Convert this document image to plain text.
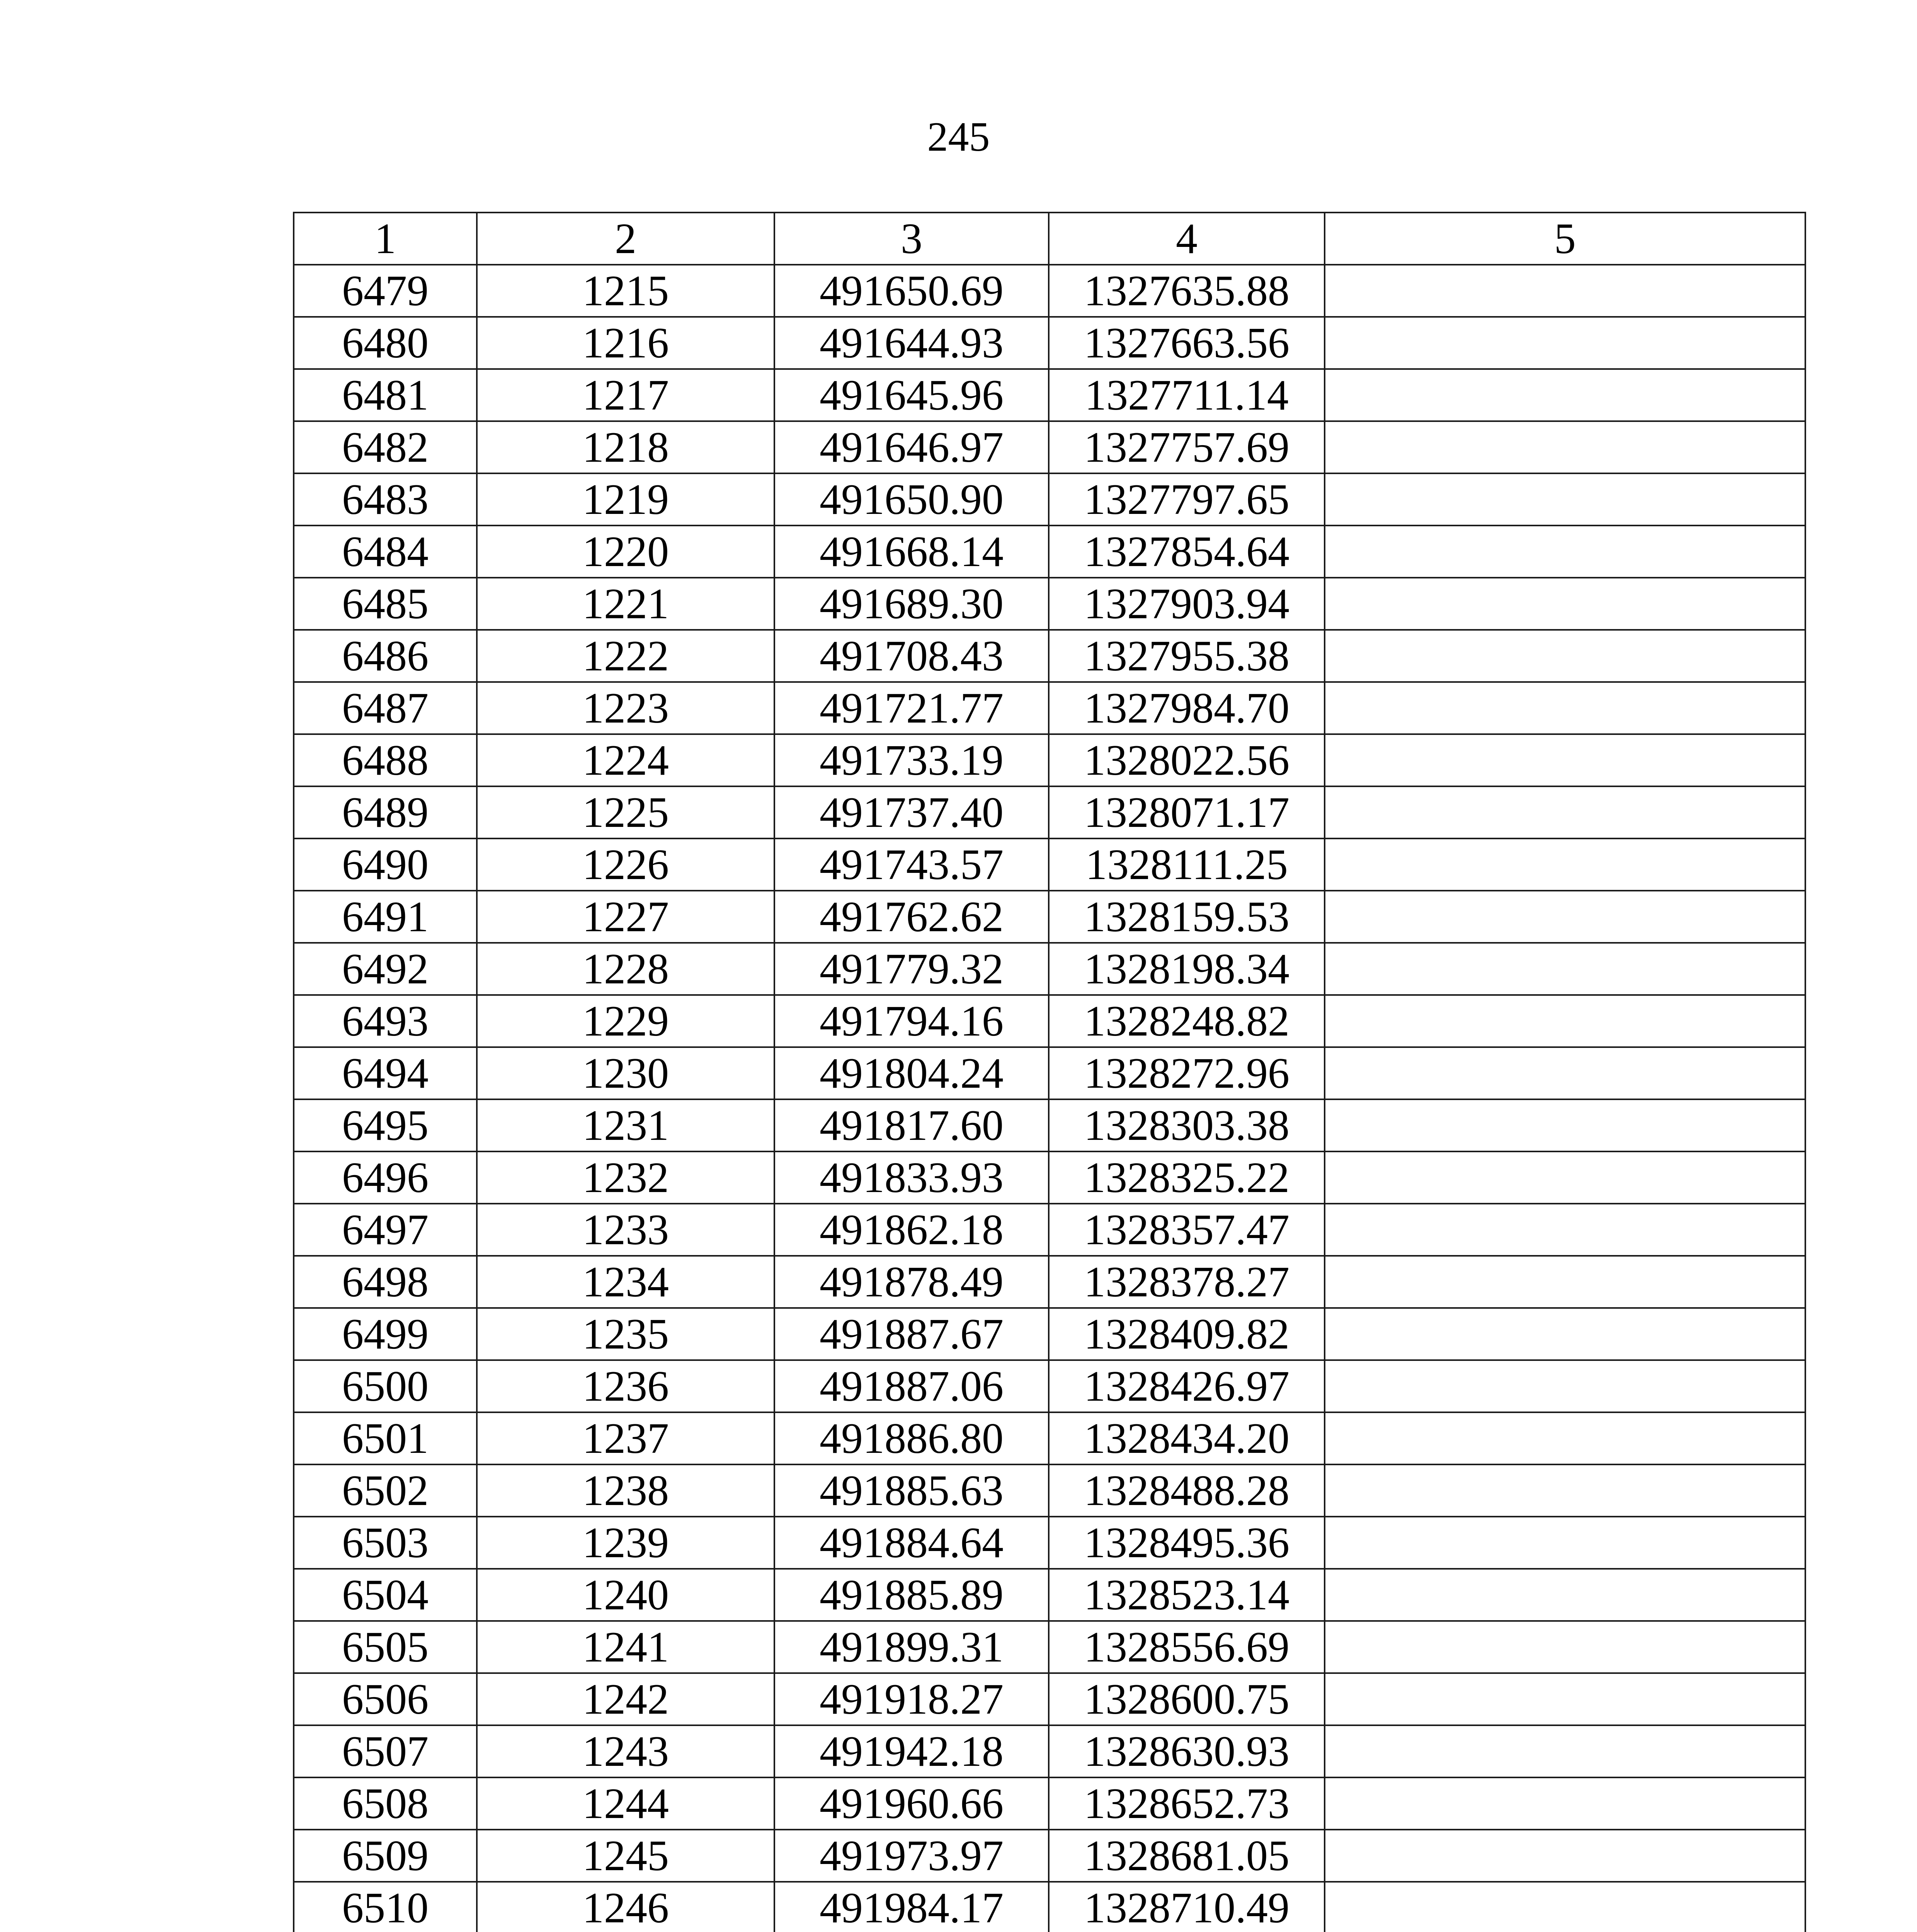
245
1	2	3	4	5
6479	1215	491650.69	1327635.88	
6480	1216	491644.93	1327663.56	
6481	1217	491645.96	1327711.14	
6482	1218	491646.97	1327757.69	
6483	1219	491650.90	1327797.65	
6484	1220	491668.14	1327854.64	
6485	1221	491689.30	1327903.94	
6486	1222	491708.43	1327955.38	
6487	1223	491721.77	1327984.70	
6488	1224	491733.19	1328022.56	
6489	1225	491737.40	1328071.17	
6490	1226	491743.57	1328111.25	
6491	1227	491762.62	1328159.53	
6492	1228	491779.32	1328198.34	
6493	1229	491794.16	1328248.82	
6494	1230	491804.24	1328272.96	
6495	1231	491817.60	1328303.38	
6496	1232	491833.93	1328325.22	
6497	1233	491862.18	1328357.47	
6498	1234	491878.49	1328378.27	
6499	1235	491887.67	1328409.82	
6500	1236	491887.06	1328426.97	
6501	1237	491886.80	1328434.20	
6502	1238	491885.63	1328488.28	
6503	1239	491884.64	1328495.36	
6504	1240	491885.89	1328523.14	
6505	1241	491899.31	1328556.69	
6506	1242	491918.27	1328600.75	
6507	1243	491942.18	1328630.93	
6508	1244	491960.66	1328652.73	
6509	1245	491973.97	1328681.05	
6510	1246	491984.17	1328710.49	
